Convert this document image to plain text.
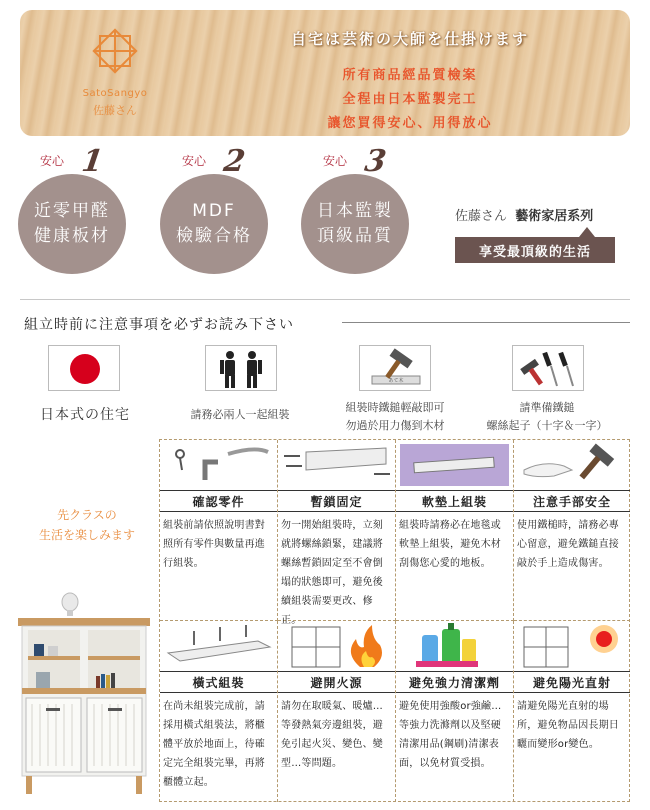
SatoSangyo
佐藤さん
自宅は芸術の大師を仕掛けます
所有商品經品質檢案
全程由日本監製完工
讓您買得安心、用得放心
安心 1
近零甲醛
健康板材
安心 2
MDF
檢驗合格
安心 3
日本監製
頂級品質
佐藤さん 藝術家居系列
享受最頂級的生活
組立時前に注意事項を必ずお読み下さい
あて木
日本式の住宅	請務必兩人一起組裝
組裝時鐵鎚輕敲即可
勿過於用力傷到木材
請準備鐵鎚
螺絲起子（十字＆一字）
先クラスの
生活を楽しみます
確認零件
組裝前請依照說明書對照所有零件與數量再進行組裝。
暫鎖固定
勿一開始組裝時，立刻就將螺絲鎖緊，建議將螺絲暫鎖固定至不會倒塌的狀態即可，避免後續組裝需要更改、修正。
軟墊上組裝
組裝時請務必在地毯或軟墊上組裝，避免木材刮傷您心愛的地板。
注意手部安全
使用鐵槌時，請務必專心留意，避免鐵鎚直接敲於手上造成傷害。
橫式組裝
在尚未組裝完成前，請採用橫式組裝法，將櫃體平放於地面上，待確定完全組裝完畢，再將櫃體立起。
避開火源
請勿在取暖氣、暖爐…等發熱氣旁邊組裝，避免引起火災、變色、變型…等問題。
避免強力清潔劑
避免使用強酸or強鹼…等強力洗滌劑以及堅硬清潔用品(鋼刷)清潔表面，以免材質受損。
避免陽光直射
請避免陽光直射的場所，避免物品因長期日曬而變形or變色。
